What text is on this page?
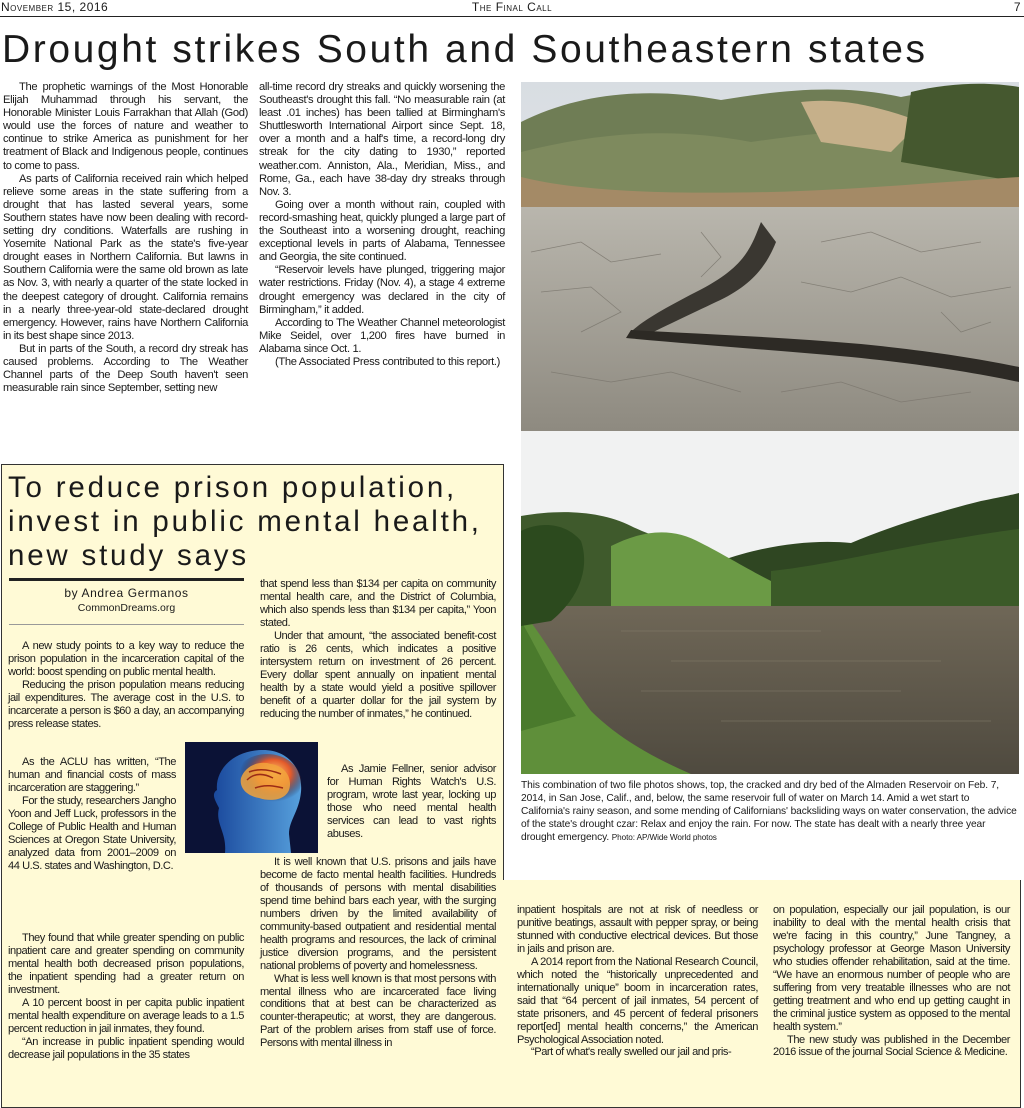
November 15, 2016	The Final Call	7
Drought strikes South and Southeastern states

The prophetic warnings of the Most Honorable Elijah Muhammad through his servant, the Honorable Minister Louis Farrakhan that Allah (God) would use the forces of nature and weather to continue to strike America as punishment for her treatment of Black and Indigenous people, continues to come to pass.

As parts of California received rain which helped relieve some areas in the state suffering from a drought that has lasted several years, some Southern states have now been dealing with record-setting dry conditions. Waterfalls are rushing in Yosemite National Park as the state's five-year drought eases in Northern California. But lawns in Southern California were the same old brown as late as Nov. 3, with nearly a quarter of the state locked in the deepest category of drought. California remains in a nearly three-year-old state-declared drought emergency. However, rains have Northern California in its best shape since 2013.

But in parts of the South, a record dry streak has caused problems. According to The Weather Channel parts of the Deep South haven't seen measurable rain since September, setting new

all-time record dry streaks and quickly worsening the Southeast's drought this fall. “No measurable rain (at least .01 inches) has been tallied at Birmingham's Shuttlesworth International Airport since Sept. 18, over a month and a half's time, a record-long dry streak for the city dating to 1930,” reported weather.com. Anniston, Ala., Meridian, Miss., and Rome, Ga., each have 38-day dry streaks through Nov. 3.

Going over a month without rain, coupled with record-smashing heat, quickly plunged a large part of the Southeast into a worsening drought, reaching exceptional levels in parts of Alabama, Tennessee and Georgia, the site continued.

“Reservoir levels have plunged, triggering major water restrictions. Friday (Nov. 4), a stage 4 extreme drought emergency was declared in the city of Birmingham,” it added.

According to The Weather Channel meteorologist Mike Seidel, over 1,200 fires have burned in Alabama since Oct. 1.

(The Associated Press contributed to this report.)

This combination of two file photos shows, top, the cracked and dry bed of the Almaden Reservoir on Feb. 7, 2014, in San Jose, Calif., and, below, the same reservoir full of water on March 14. Amid a wet start to California's rainy season, and some mending of Californians' backsliding ways on water conservation, the advice of the state's drought czar: Relax and enjoy the rain. For now. The state has dealt with a nearly three year drought emergency. Photo: AP/Wide World photos
To reduce prison population, invest in public mental health, new study says
by Andrea Germanos
CommonDreams.org

A new study points to a key way to reduce the prison population in the incarceration capital of the world: boost spending on public mental health.

Reducing the prison population means reducing jail expenditures. The average cost in the U.S. to incarcerate a person is $60 a day, an accompanying press release states.

As the ACLU has written, “The human and financial costs of mass incarceration are staggering.”

For the study, researchers Jangho Yoon and Jeff Luck, professors in the College of Public Health and Human Sciences at Oregon State University, analyzed data from 2001–2009 on 44 U.S. states and Washington, D.C.

They found that while greater spending on public inpatient care and greater spending on community mental health both decreased prison populations, the inpatient spending had a greater return on investment.

A 10 percent boost in per capita public inpatient mental health expenditure on average leads to a 1.5 percent reduction in jail inmates, they found.

“An increase in public inpatient spending would decrease jail populations in the 35 states

that spend less than $134 per capita on community mental health care, and the District of Columbia, which also spends less than $134 per capita,” Yoon stated.

Under that amount, “the associated benefit-cost ratio is 26 cents, which indicates a positive intersystem return on investment of 26 percent. Every dollar spent annually on inpatient mental health by a state would yield a positive spillover benefit of a quarter dollar for the jail system by reducing the number of inmates,” he continued.

As Jamie Fellner, senior advisor for Human Rights Watch's U.S. program, wrote last year, locking up those who need mental health services can lead to vast rights abuses.

It is well known that U.S. prisons and jails have become de facto mental health facilities. Hundreds of thousands of persons with mental disabilities spend time behind bars each year, with the surging numbers driven by the limited availability of community-based outpatient and residential mental health programs and resources, the lack of criminal justice diversion programs, and the persistent national problems of poverty and homelessness.

What is less well known is that most persons with mental illness who are incarcerated face living conditions that at best can be characterized as counter-therapeutic; at worst, they are dangerous. Part of the problem arises from staff use of force. Persons with mental illness in

inpatient hospitals are not at risk of needless or punitive beatings, assault with pepper spray, or being stunned with conductive electrical devices. But those in jails and prison are.

A 2014 report from the National Research Council, which noted the “historically unprecedented and internationally unique” boom in incarceration rates, said that “64 percent of jail inmates, 54 percent of state prisoners, and 45 percent of federal prisoners report[ed] mental health concerns,” the American Psychological Association noted.

“Part of what's really swelled our jail and pris-

on population, especially our jail population, is our inability to deal with the mental health crisis that we're facing in this country,” June Tangney, a psychology professor at George Mason University who studies offender rehabilitation, said at the time. “We have an enormous number of people who are suffering from very treatable illnesses who are not getting treatment and who end up getting caught in the criminal justice system as opposed to the mental health system.”

The new study was published in the December 2016 issue of the journal Social Science & Medicine.
